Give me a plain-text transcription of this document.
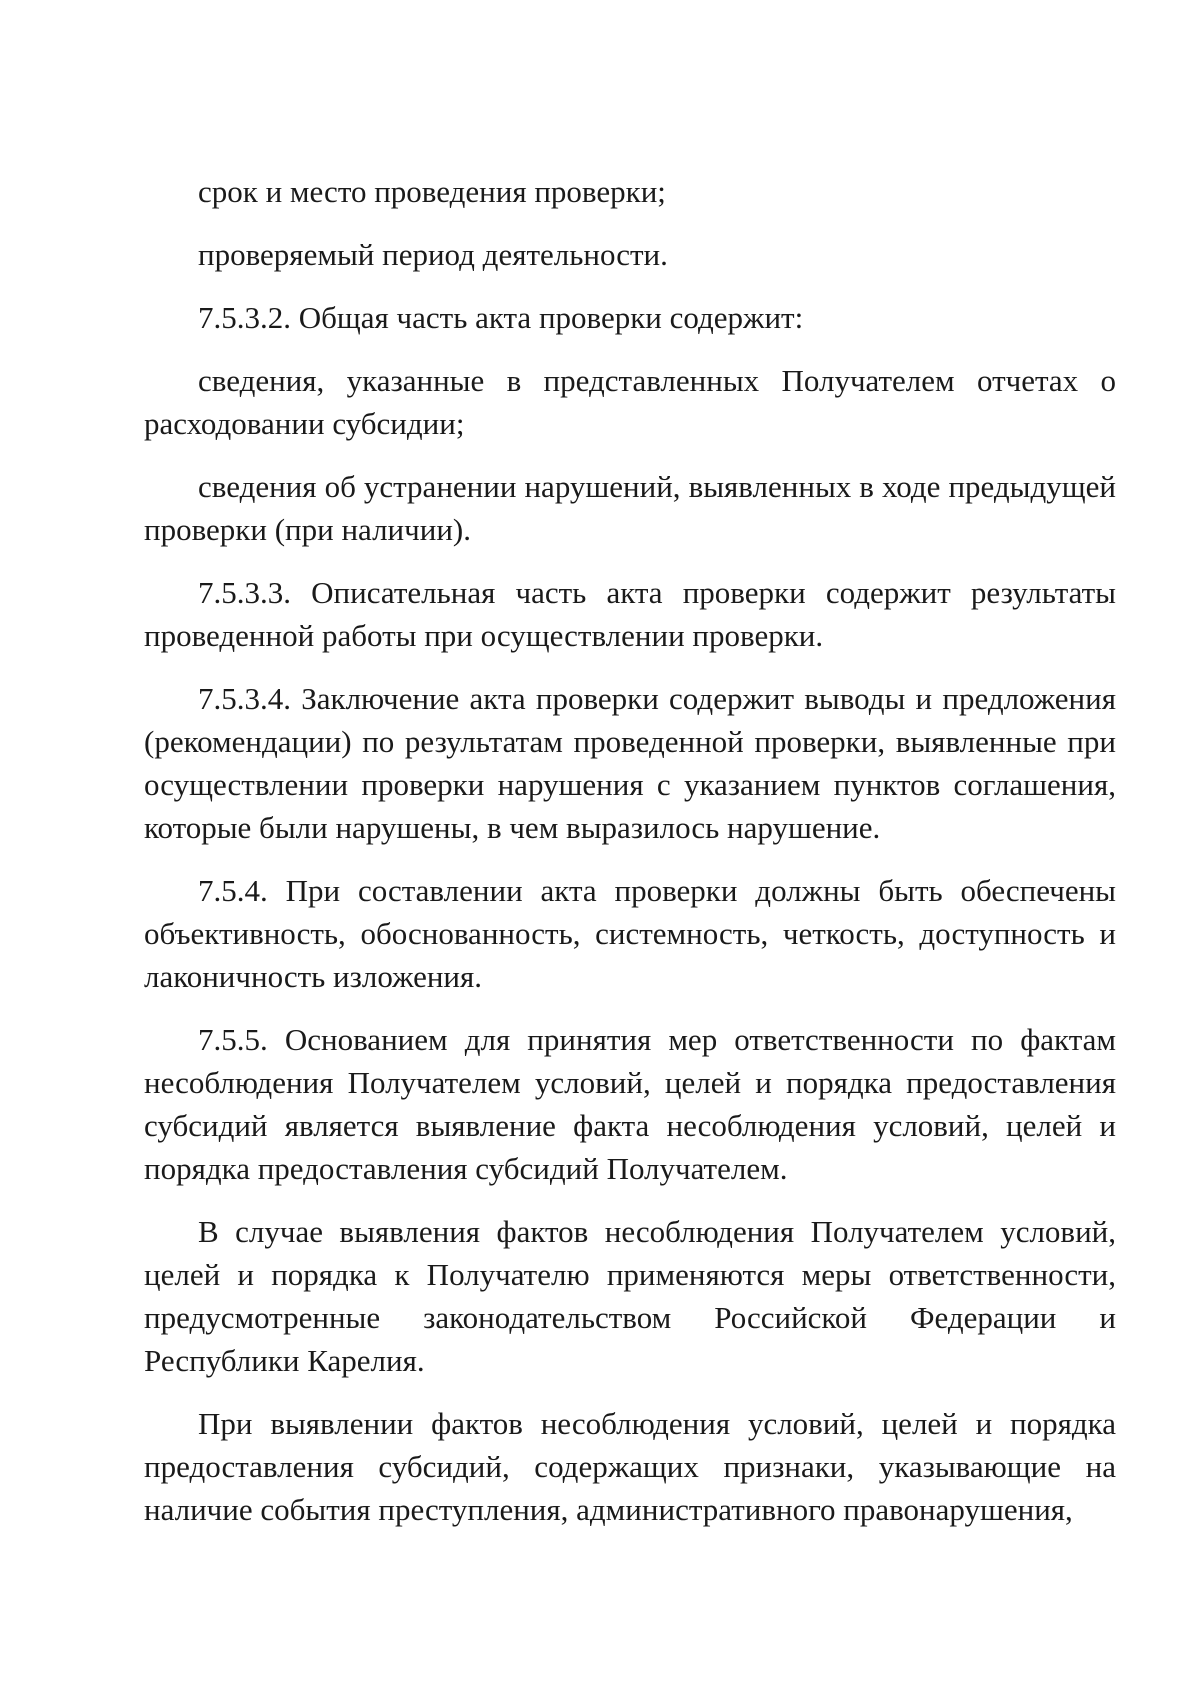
срок и место проведения проверки;

проверяемый период деятельности.

7.5.3.2. Общая часть акта проверки содержит:

сведения, указанные в представленных Получателем отчетах о расходовании субсидии;

сведения об устранении нарушений, выявленных в ходе предыдущей проверки (при наличии).

7.5.3.3. Описательная часть акта проверки содержит результаты проведенной работы при осуществлении проверки.

7.5.3.4. Заключение акта проверки содержит выводы и предложения (рекомендации) по результатам проведенной проверки, выявленные при осуществлении проверки нарушения с указанием пунктов соглашения, которые были нарушены, в чем выразилось нарушение.

7.5.4. При составлении акта проверки должны быть обеспечены объективность, обоснованность, системность, четкость, доступность и лаконичность изложения.

7.5.5. Основанием для принятия мер ответственности по фактам несоблюдения Получателем условий, целей и порядка предоставления субсидий является выявление факта несоблюдения условий, целей и порядка предоставления субсидий Получателем.

В случае выявления фактов несоблюдения Получателем условий, целей и порядка к Получателю применяются меры ответственности, предусмотренные законодательством Российской Федерации и Республики Карелия.

При выявлении фактов несоблюдения условий, целей и порядка предоставления субсидий, содержащих признаки, указывающие на наличие события преступления, административного правонарушения,
